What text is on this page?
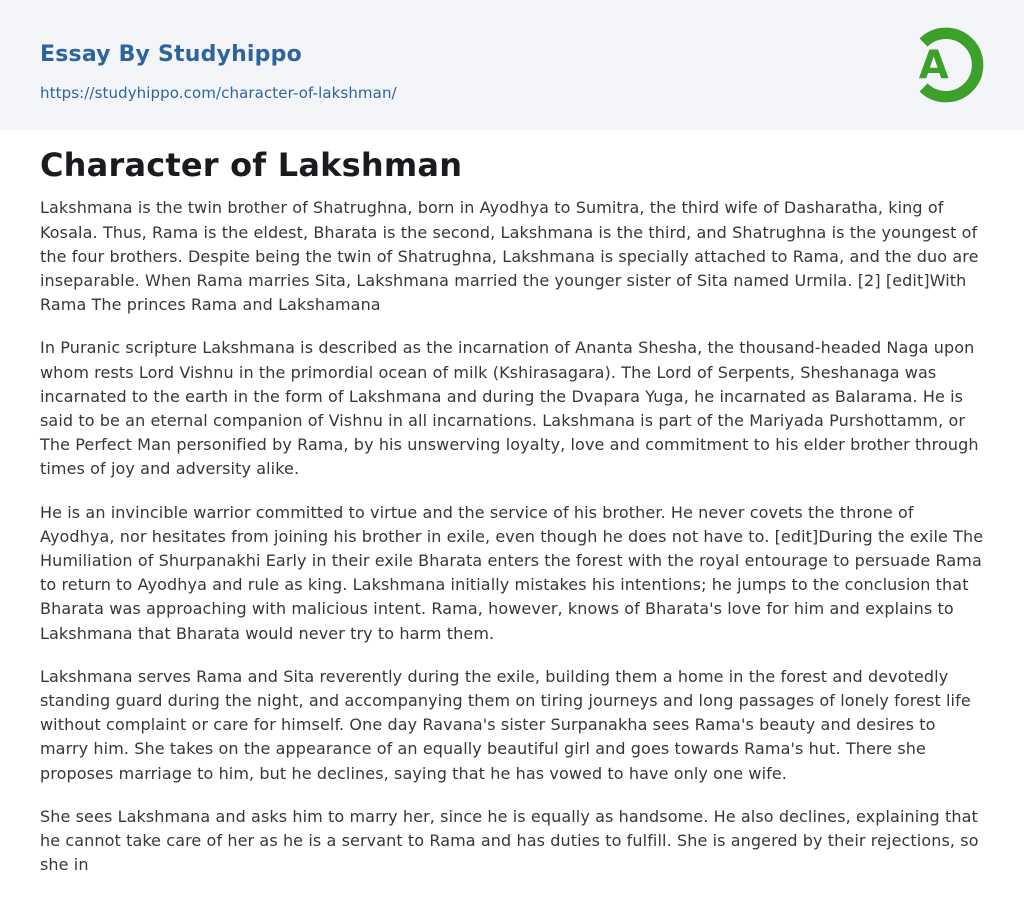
Essay By Studyhippo
https://studyhippo.com/character-of-lakshman/
A
Character of Lakshman

Lakshmana is the twin brother of Shatrughna, born in Ayodhya to Sumitra, the third wife of Dasharatha, king of Kosala. Thus, Rama is the eldest, Bharata is the second, Lakshmana is the third, and Shatrughna is the youngest of the four brothers. Despite being the twin of Shatrughna, Lakshmana is specially attached to Rama, and the duo are inseparable. When Rama marries Sita, Lakshmana married the younger sister of Sita named Urmila. [2] [edit]With Rama The princes Rama and Lakshamana

In Puranic scripture Lakshmana is described as the incarnation of Ananta Shesha, the thousand-headed Naga upon whom rests Lord Vishnu in the primordial ocean of milk (Kshirasagara). The Lord of Serpents, Sheshanaga was incarnated to the earth in the form of Lakshmana and during the Dvapara Yuga, he incarnated as Balarama. He is said to be an eternal companion of Vishnu in all incarnations. Lakshmana is part of the Mariyada Purshottamm, or The Perfect Man personified by Rama, by his unswerving loyalty, love and commitment to his elder brother through times of joy and adversity alike.

He is an invincible warrior committed to virtue and the service of his brother. He never covets the throne of Ayodhya, nor hesitates from joining his brother in exile, even though he does not have to. [edit]During the exile The Humiliation of Shurpanakhi Early in their exile Bharata enters the forest with the royal entourage to persuade Rama to return to Ayodhya and rule as king. Lakshmana initially mistakes his intentions; he jumps to the conclusion that Bharata was approaching with malicious intent. Rama, however, knows of Bharata's love for him and explains to Lakshmana that Bharata would never try to harm them.

Lakshmana serves Rama and Sita reverently during the exile, building them a home in the forest and devotedly standing guard during the night, and accompanying them on tiring journeys and long passages of lonely forest life without complaint or care for himself. One day Ravana's sister Surpanakha sees Rama's beauty and desires to marry him. She takes on the appearance of an equally beautiful girl and goes towards Rama's hut. There she proposes marriage to him, but he declines, saying that he has vowed to have only one wife.

She sees Lakshmana and asks him to marry her, since he is equally as handsome. He also declines, explaining that he cannot take care of her as he is a servant to Rama and has duties to fulfill. She is angered by their rejections, so she in
